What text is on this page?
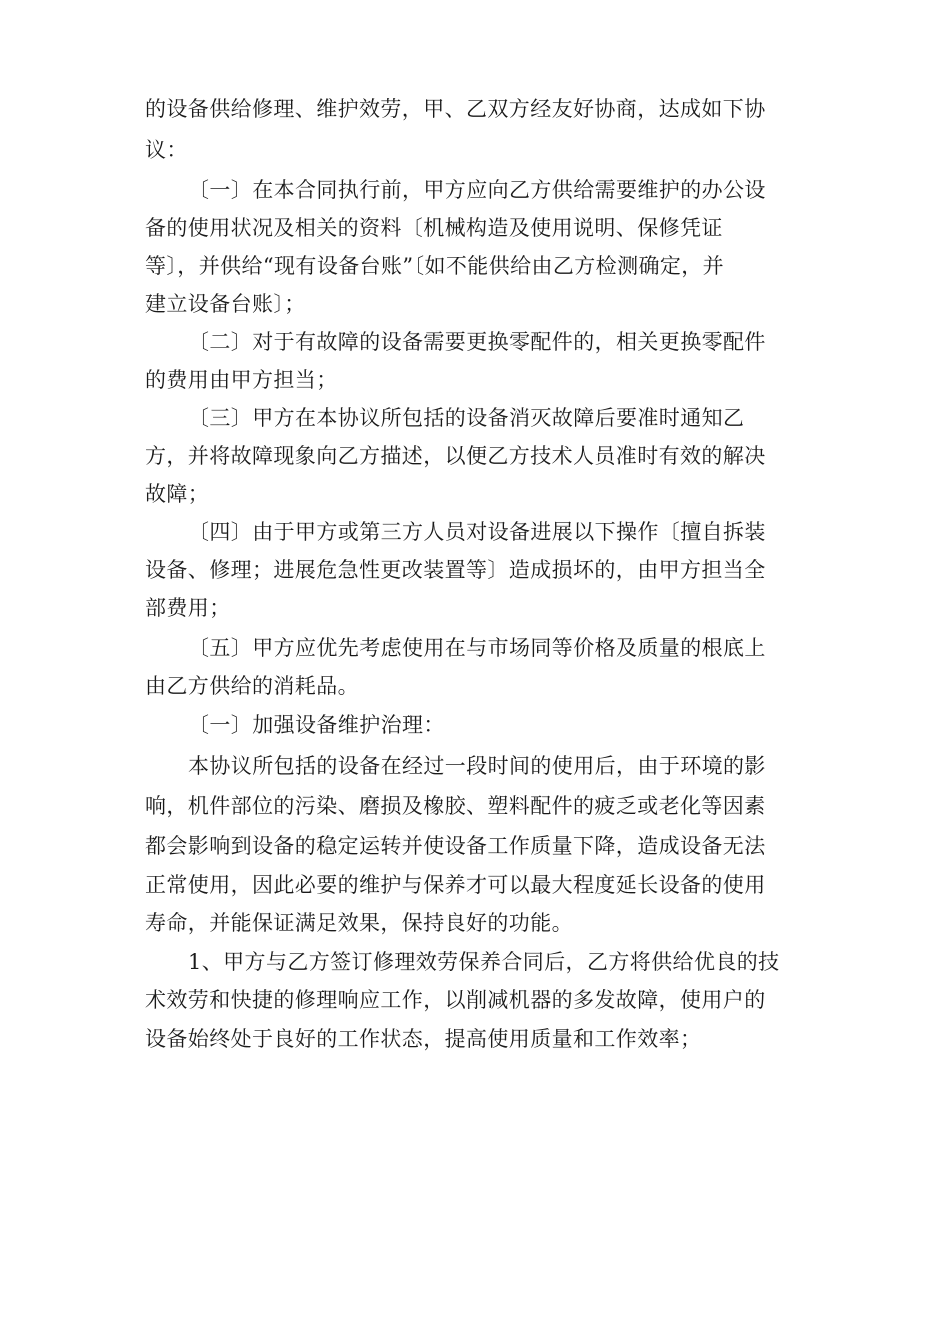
的设备供给修理、维护效劳，甲、乙双方经友好协商，达成如下协

议：

〔一〕在本合同执行前，甲方应向乙方供给需要维护的办公设

备的使用状况及相关的资料〔机械构造及使用说明、保修凭证

等〕，并供给“现有设备台账”〔如不能供给由乙方检测确定，并

建立设备台账〕；

〔二〕对于有故障的设备需要更换零配件的，相关更换零配件

的费用由甲方担当；

〔三〕甲方在本协议所包括的设备消灭故障后要准时通知乙

方，并将故障现象向乙方描述，以便乙方技术人员准时有效的解决

故障；

〔四〕由于甲方或第三方人员对设备进展以下操作〔擅自拆装

设备、修理；进展危急性更改装置等〕造成损坏的，由甲方担当全

部费用；

〔五〕甲方应优先考虑使用在与市场同等价格及质量的根底上

由乙方供给的消耗品。

〔一〕加强设备维护治理：

本协议所包括的设备在经过一段时间的使用后，由于环境的影

响，机件部位的污染、磨损及橡胶、塑料配件的疲乏或老化等因素

都会影响到设备的稳定运转并使设备工作质量下降，造成设备无法

正常使用，因此必要的维护与保养才可以最大程度延长设备的使用

寿命，并能保证满足效果，保持良好的功能。

1、甲方与乙方签订修理效劳保养合同后，乙方将供给优良的技

术效劳和快捷的修理响应工作，以削减机器的多发故障，使用户的

设备始终处于良好的工作状态，提高使用质量和工作效率；
